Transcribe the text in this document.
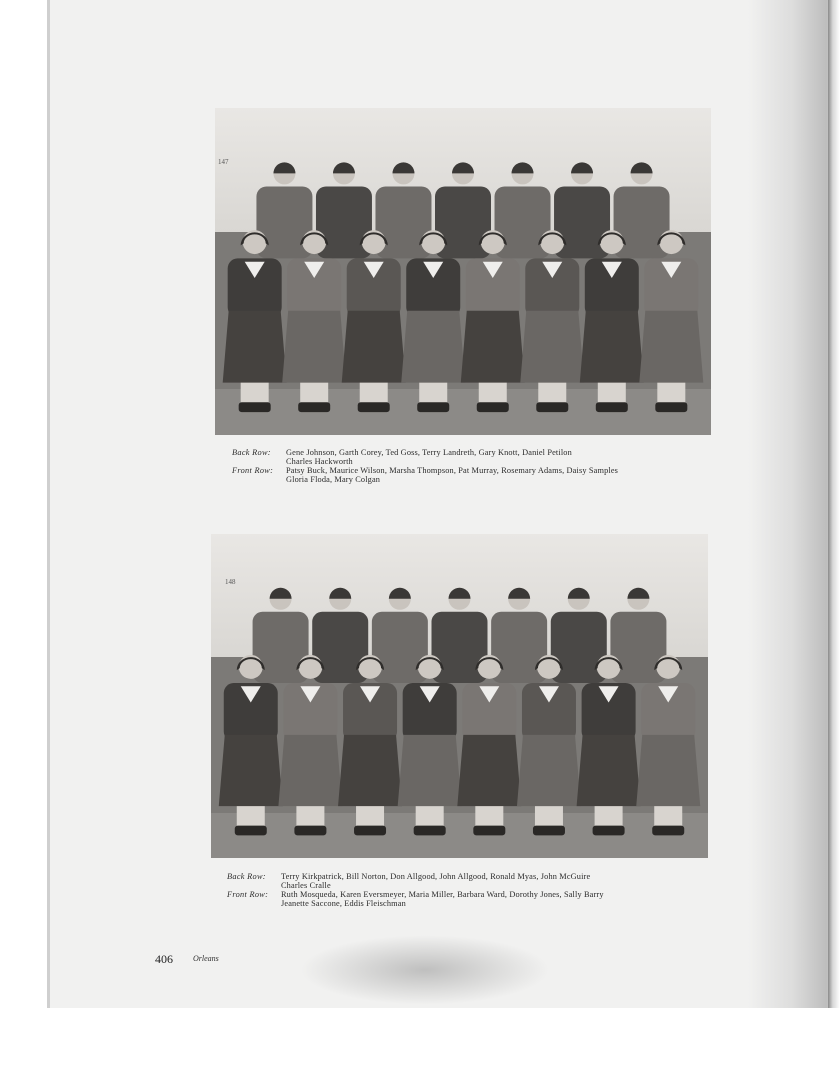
147
Back Row:	Gene Johnson, Garth Corey, Ted Goss, Terry Landreth, Gary Knott, Daniel Petilon
Charles Hackworth
Front Row:	Patsy Buck, Maurice Wilson, Marsha Thompson, Pat Murray, Rosemary Adams, Daisy Samples
Gloria Floda, Mary Colgan
148
Back Row:	Terry Kirkpatrick, Bill Norton, Don Allgood, John Allgood, Ronald Myas, John McGuire
Charles Cralle
Front Row:	Ruth Mosqueda, Karen Eversmeyer, Maria Miller, Barbara Ward, Dorothy Jones, Sally Barry
Jeanette Saccone, Eddis Fleischman
406	Orleans
